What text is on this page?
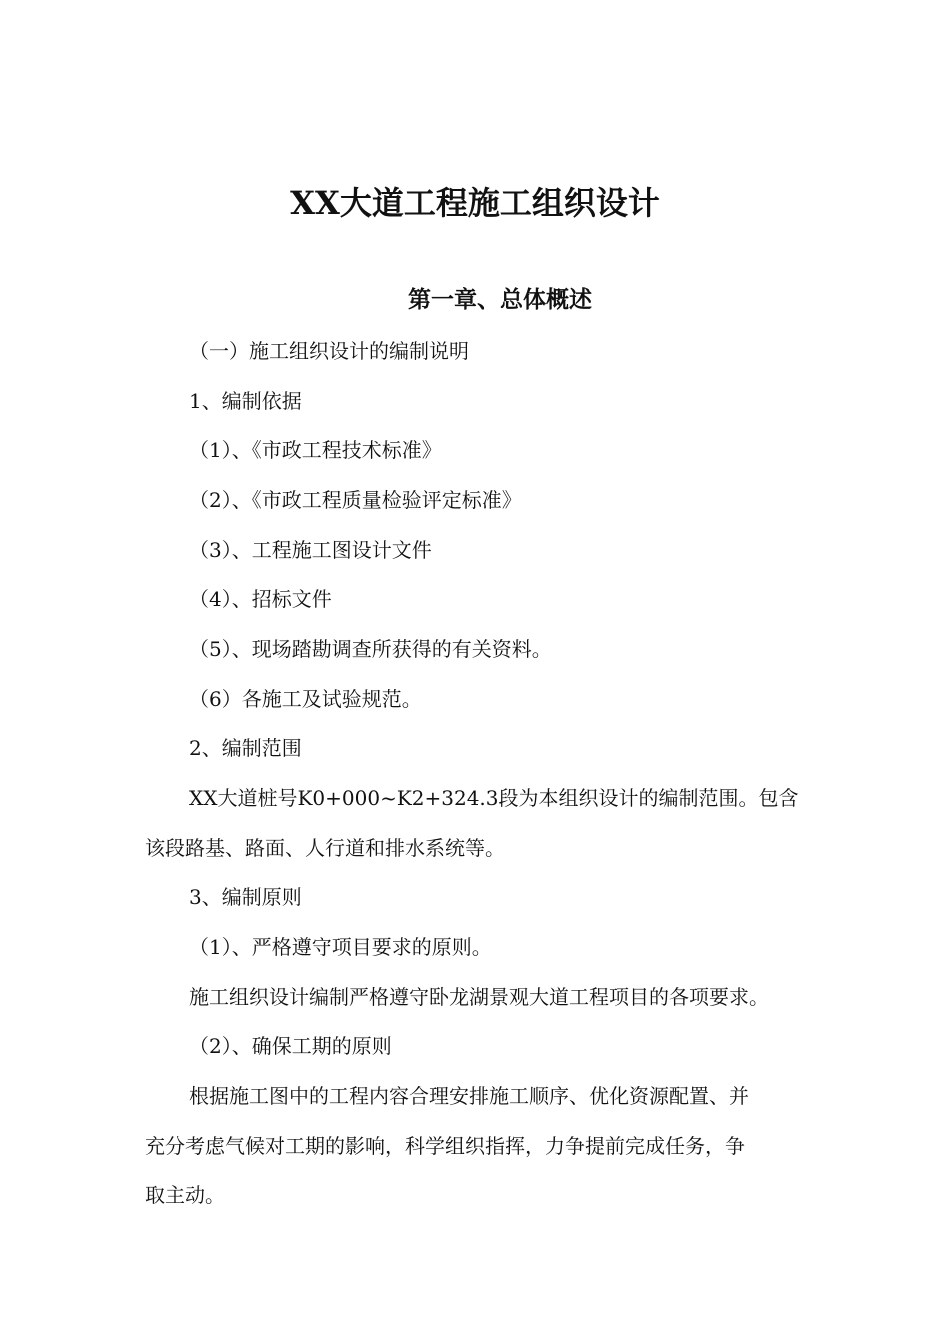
XX大道工程施工组织设计
第一章、总体概述
（一）施工组织设计的编制说明
1、编制依据
（1）、《市政工程技术标准》
（2）、《市政工程质量检验评定标准》
（3）、工程施工图设计文件
（4）、招标文件
（5）、现场踏勘调查所获得的有关资料。
（6）各施工及试验规范。
2、编制范围
XX大道桩号K0+000~K2+324.3段为本组织设计的编制范围。包含
该段路基、路面、人行道和排水系统等。
3、编制原则
（1）、严格遵守项目要求的原则。
施工组织设计编制严格遵守卧龙湖景观大道工程项目的各项要求。
（2）、确保工期的原则
根据施工图中的工程内容合理安排施工顺序、优化资源配置、并
充分考虑气候对工期的影响，科学组织指挥，力争提前完成任务，争
取主动。
